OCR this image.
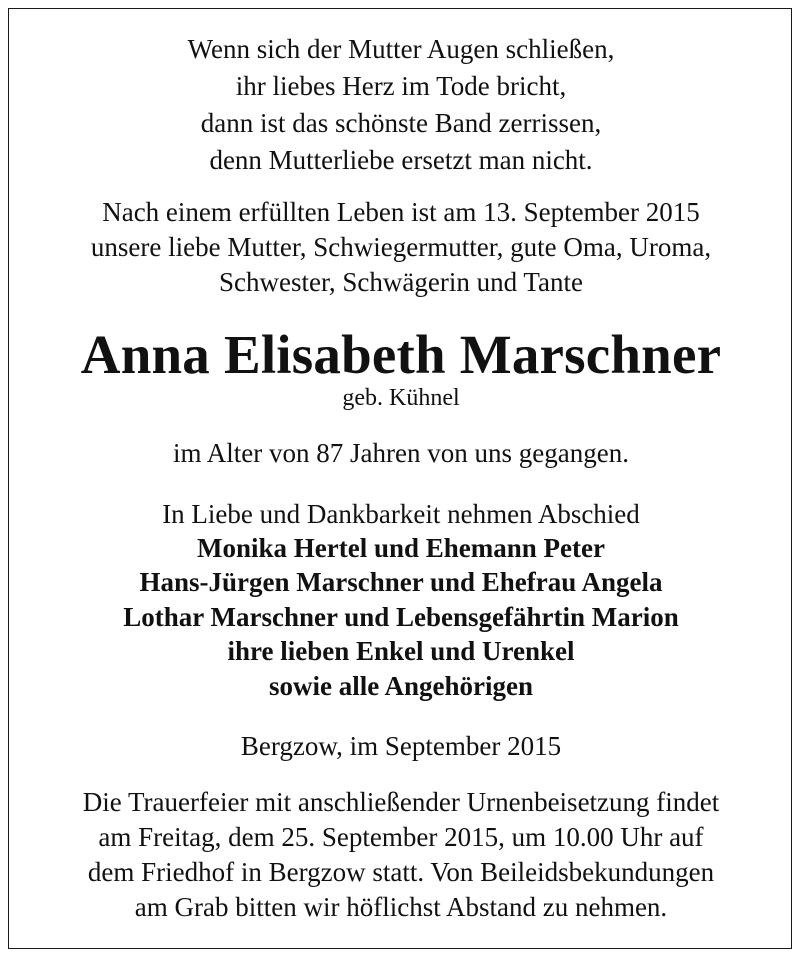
Wenn sich der Mutter Augen schließen,
ihr liebes Herz im Tode bricht,
dann ist das schönste Band zerrissen,
denn Mutterliebe ersetzt man nicht.
Nach einem erfüllten Leben ist am 13. September 2015
unsere liebe Mutter, Schwiegermutter, gute Oma, Uroma,
Schwester, Schwägerin und Tante
Anna Elisabeth Marschner
geb. Kühnel
im Alter von 87 Jahren von uns gegangen.
In Liebe und Dankbarkeit nehmen Abschied
Monika Hertel und Ehemann Peter
Hans-Jürgen Marschner und Ehefrau Angela
Lothar Marschner und Lebensgefährtin Marion
ihre lieben Enkel und Urenkel
sowie alle Angehörigen
Bergzow, im September 2015
Die Trauerfeier mit anschließender Urnenbeisetzung findet
am Freitag, dem 25. September 2015, um 10.00 Uhr auf
dem Friedhof in Bergzow statt. Von Beileidsbekundungen
am Grab bitten wir höflichst Abstand zu nehmen.
